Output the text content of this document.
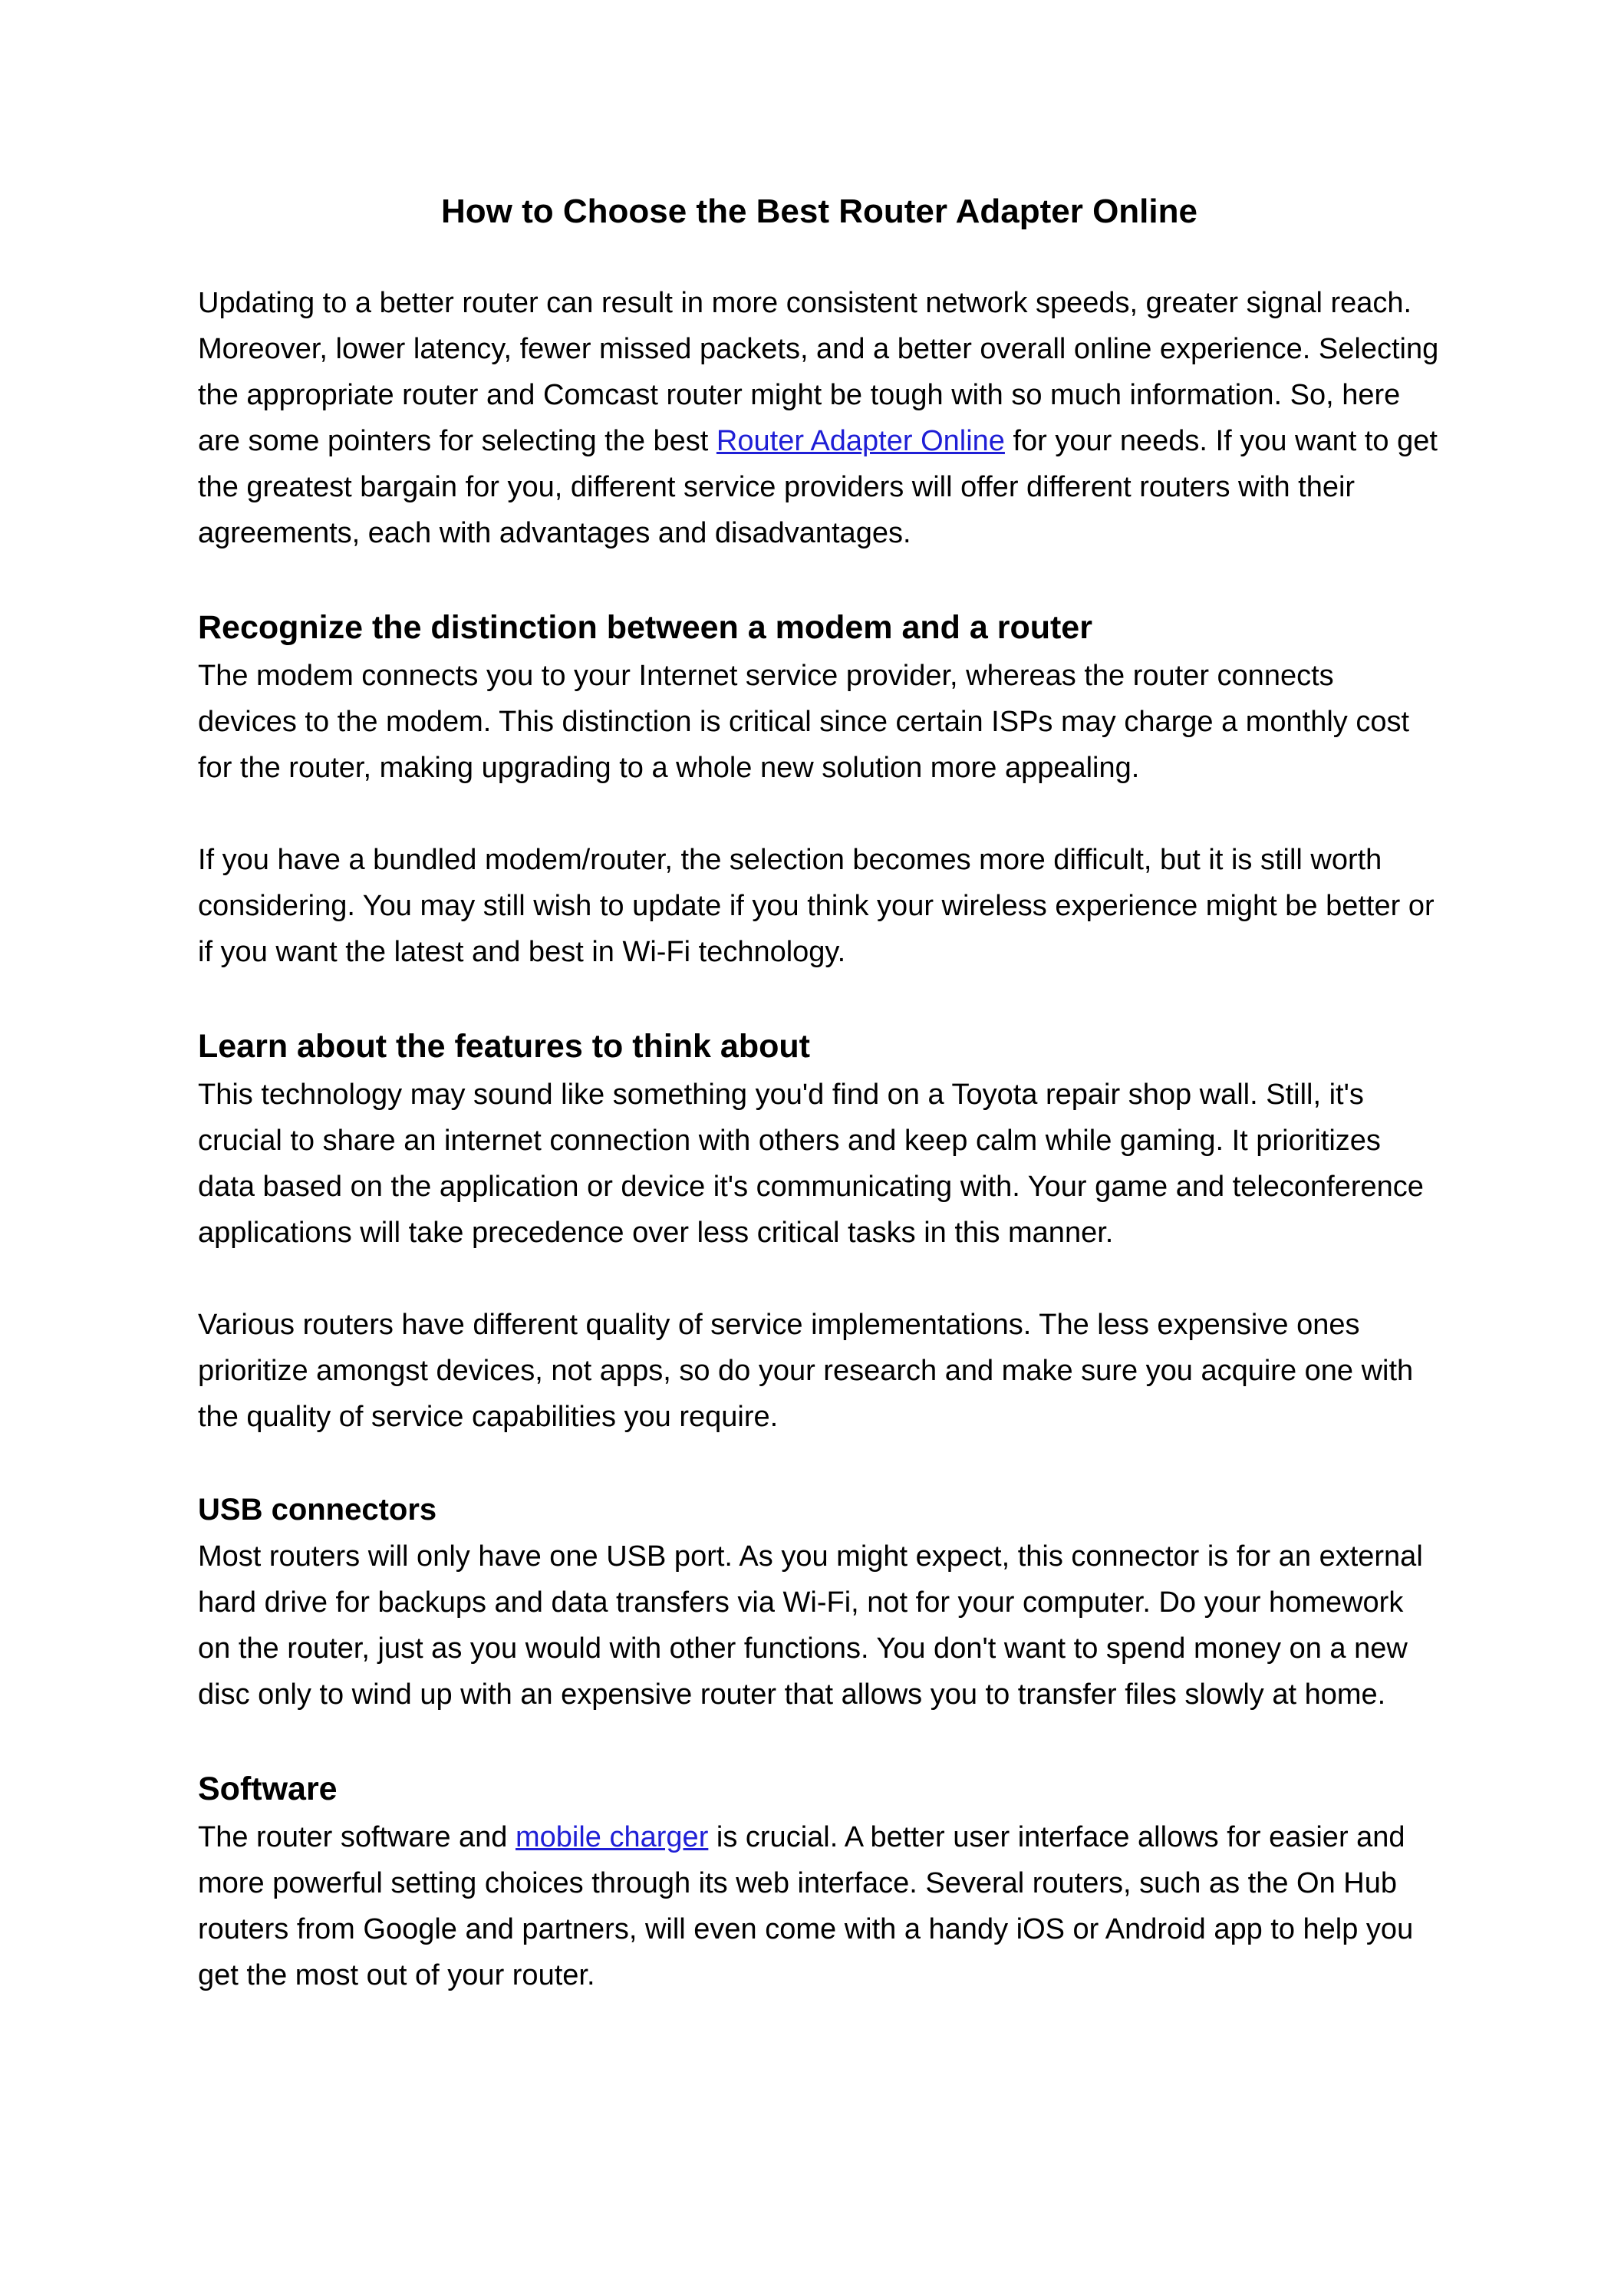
How to Choose the Best Router Adapter Online

Updating to a better router can result in more consistent network speeds, greater signal reach. Moreover, lower latency, fewer missed packets, and a better overall online experience. Selecting the appropriate router and Comcast router might be tough with so much information. So, here are some pointers for selecting the best Router Adapter Online for your needs. If you want to get the greatest bargain for you, different service providers will offer different routers with their agreements, each with advantages and disadvantages.

Recognize the distinction between a modem and a router

The modem connects you to your Internet service provider, whereas the router connects devices to the modem. This distinction is critical since certain ISPs may charge a monthly cost for the router, making upgrading to a whole new solution more appealing.

If you have a bundled modem/router, the selection becomes more difficult, but it is still worth considering. You may still wish to update if you think your wireless experience might be better or if you want the latest and best in Wi-Fi technology.

Learn about the features to think about

This technology may sound like something you'd find on a Toyota repair shop wall. Still, it's crucial to share an internet connection with others and keep calm while gaming. It prioritizes data based on the application or device it's communicating with. Your game and teleconference applications will take precedence over less critical tasks in this manner.

Various routers have different quality of service implementations. The less expensive ones prioritize amongst devices, not apps, so do your research and make sure you acquire one with the quality of service capabilities you require.

USB connectors

Most routers will only have one USB port. As you might expect, this connector is for an external hard drive for backups and data transfers via Wi-Fi, not for your computer. Do your homework on the router, just as you would with other functions. You don't want to spend money on a new disc only to wind up with an expensive router that allows you to transfer files slowly at home.

Software

The router software and mobile charger is crucial. A better user interface allows for easier and more powerful setting choices through its web interface. Several routers, such as the On Hub routers from Google and partners, will even come with a handy iOS or Android app to help you get the most out of your router.
